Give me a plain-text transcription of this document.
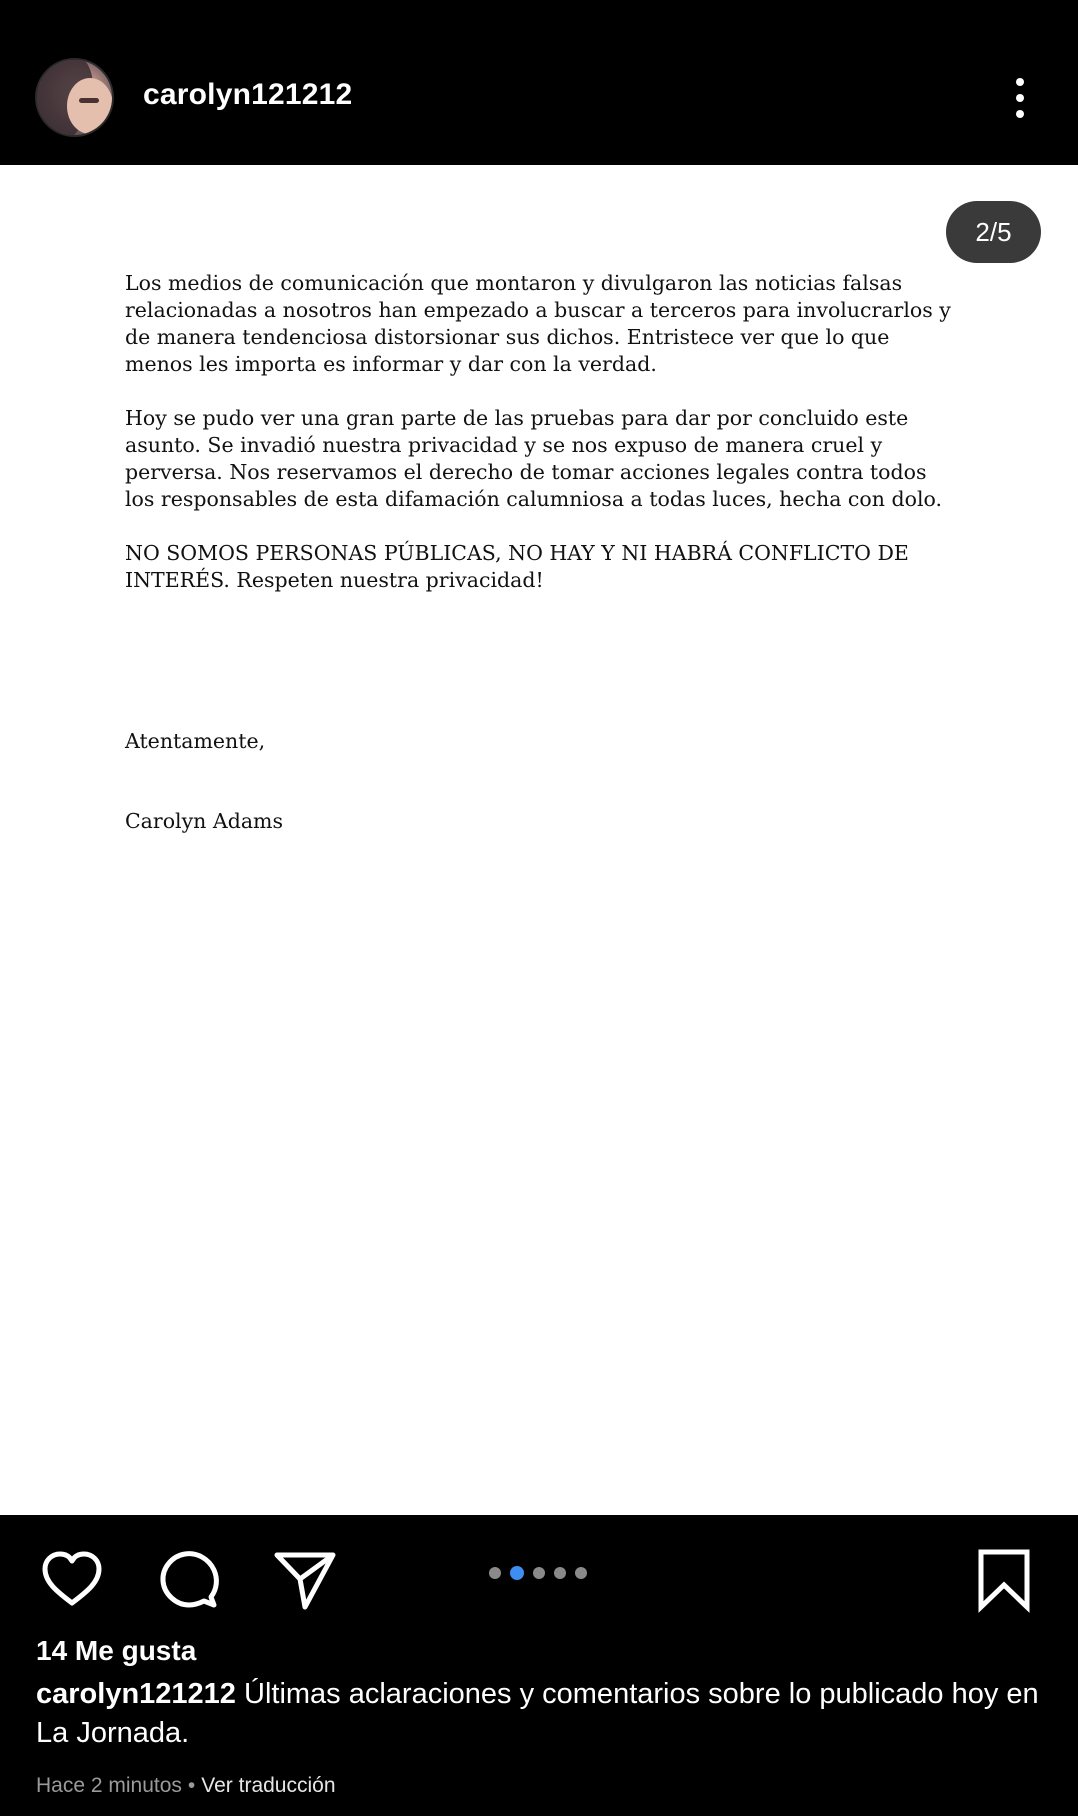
carolyn121212
2/5

Los medios de comunicación que montaron y divulgaron las noticias falsas relacionadas a nosotros han empezado a buscar a terceros para involucrarlos y de manera tendenciosa distorsionar sus dichos. Entristece ver que lo que menos les importa es informar y dar con la verdad.

Hoy se pudo ver una gran parte de las pruebas para dar por concluido este asunto. Se invadió nuestra privacidad y se nos expuso de manera cruel y perversa. Nos reservamos el derecho de tomar acciones legales contra todos los responsables de esta difamación calumniosa a todas luces, hecha con dolo.

NO SOMOS PERSONAS PÚBLICAS, NO HAY Y NI HABRÁ CONFLICTO DE INTERÉS. Respeten nuestra privacidad!

Atentamente,
Carolyn Adams
14 Me gusta
carolyn121212 Últimas aclaraciones y comentarios sobre lo publicado hoy en La Jornada.
Hace 2 minutos • Ver traducción
